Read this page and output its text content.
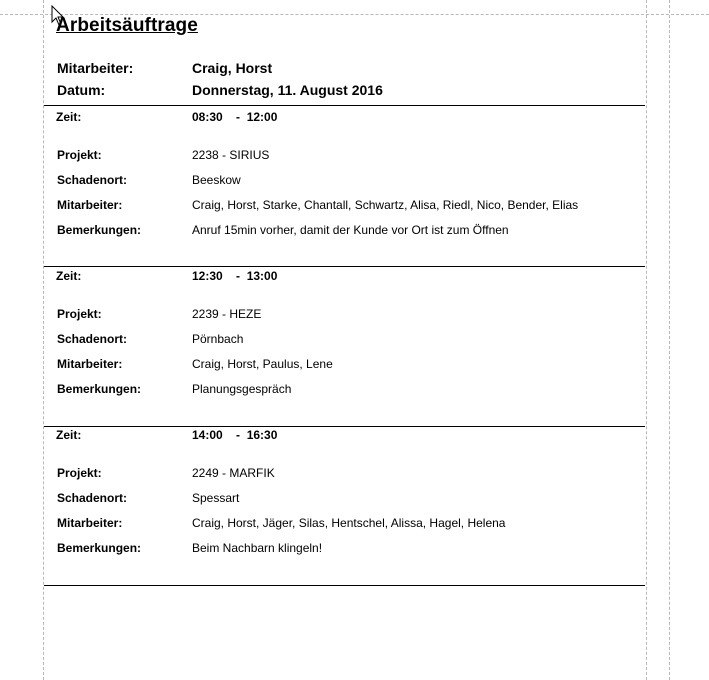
Arbeitsäuftrage
Mitarbeiter:	Craig, Horst
Datum:	Donnerstag, 11. August 2016
Zeit:	08:30    -  12:00
Projekt:	2238 - SIRIUS
Schadenort:	Beeskow
Mitarbeiter:	Craig, Horst, Starke, Chantall, Schwartz, Alisa, Riedl, Nico, Bender, Elias
Bemerkungen:	Anruf 15min vorher, damit der Kunde vor Ort ist zum Öffnen
Zeit:	12:30    -  13:00
Projekt:	2239 - HEZE
Schadenort:	Pörnbach
Mitarbeiter:	Craig, Horst, Paulus, Lene
Bemerkungen:	Planungsgespräch
Zeit:	14:00    -  16:30
Projekt:	2249 - MARFIK
Schadenort:	Spessart
Mitarbeiter:	Craig, Horst, Jäger, Silas, Hentschel, Alissa, Hagel, Helena
Bemerkungen:	Beim Nachbarn klingeln!
